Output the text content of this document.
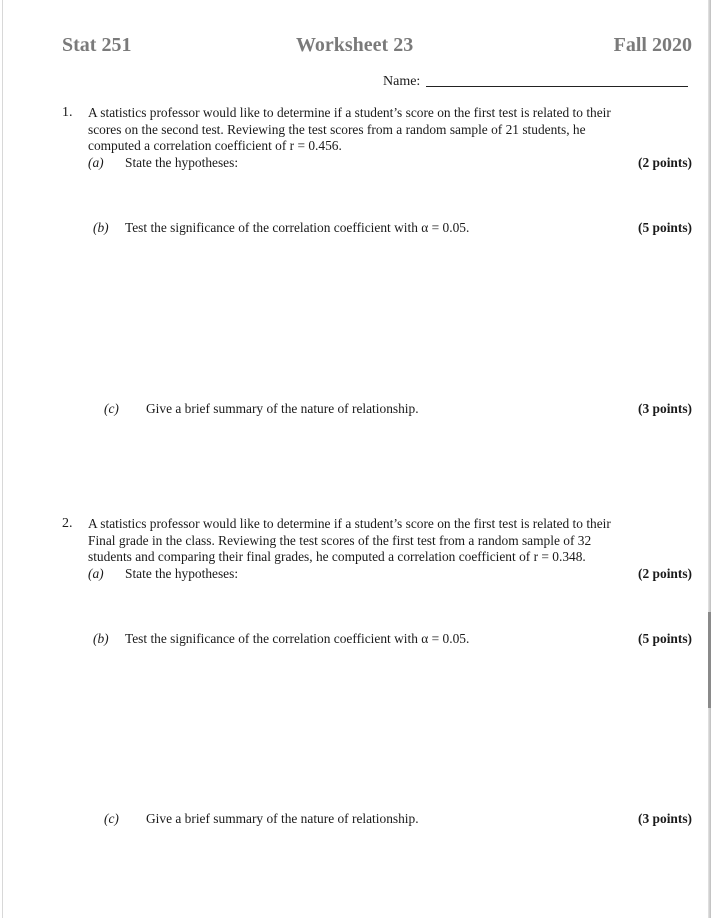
Stat 251	Worksheet 23	Fall 2020
Name:
1. A statistics professor would like to determine if a student’s score on the first test is related to their
scores on the second test. Reviewing the test scores from a random sample of 21 students, he
computed a correlation coefficient of r = 0.456.
(a) State the hypotheses:	(2 points)
(b) Test the significance of the correlation coefficient with α = 0.05.	(5 points)
(c) Give a brief summary of the nature of relationship.	(3 points)
2. A statistics professor would like to determine if a student’s score on the first test is related to their
Final grade in the class. Reviewing the test scores of the first test from a random sample of 32
students and comparing their final grades, he computed a correlation coefficient of r = 0.348.
(a) State the hypotheses:	(2 points)
(b) Test the significance of the correlation coefficient with α = 0.05.	(5 points)
(c) Give a brief summary of the nature of relationship.	(3 points)
